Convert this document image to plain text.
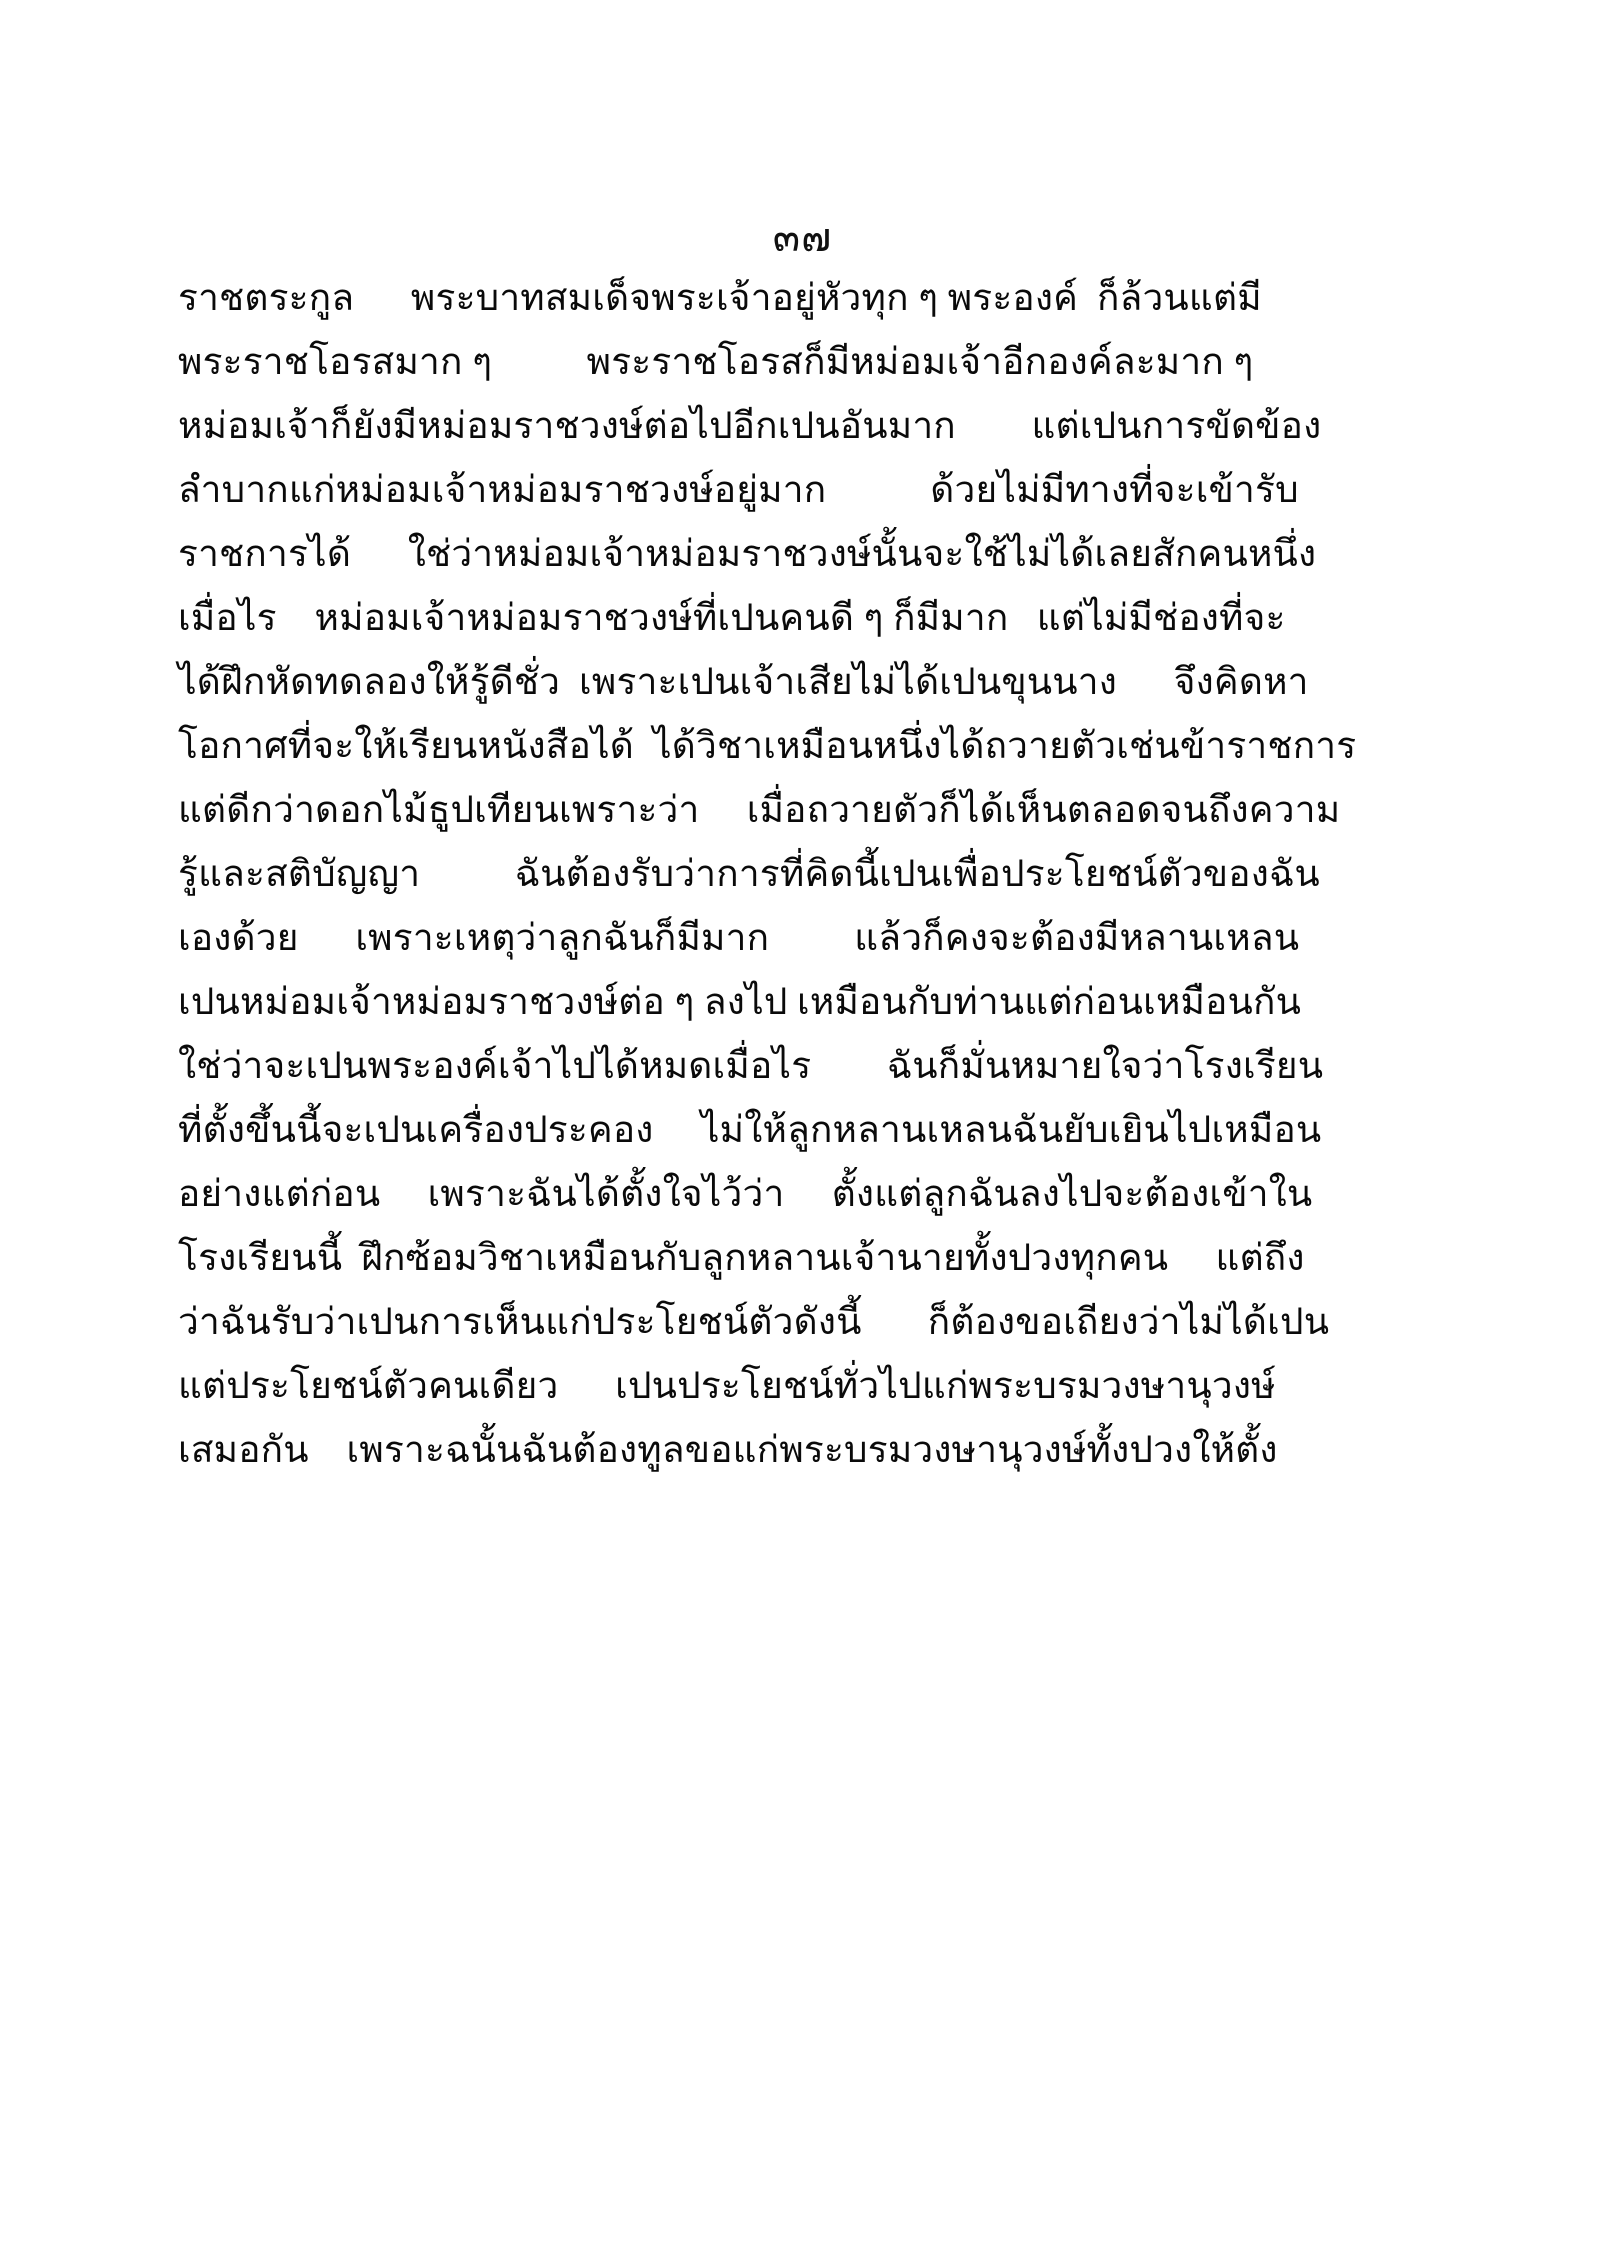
๓๗
ราชตระกูล      พระบาทสมเด็จพระเจ้าอยู่หัวทุก ๆ พระองค์  ก็ล้วนแต่มี
พระราชโอรสมาก ๆ          พระราชโอรสก็มีหม่อมเจ้าอีกองค์ละมาก ๆ
หม่อมเจ้าก็ยังมีหม่อมราชวงษ์ต่อไปอีกเปนอันมาก        แต่เปนการขัดข้อง
ลำบากแก่หม่อมเจ้าหม่อมราชวงษ์อยู่มาก           ด้วยไม่มีทางที่จะเข้ารับ
ราชการได้      ใช่ว่าหม่อมเจ้าหม่อมราชวงษ์นั้นจะใช้ไม่ได้เลยสักคนหนึ่ง
เมื่อไร    หม่อมเจ้าหม่อมราชวงษ์ที่เปนคนดี ๆ ก็มีมาก   แต่ไม่มีช่องที่จะ
ได้ฝึกหัดทดลองให้รู้ดีชั่ว  เพราะเปนเจ้าเสียไม่ได้เปนขุนนาง      จึงคิดหา
โอกาศที่จะให้เรียนหนังสือได้  ได้วิชาเหมือนหนึ่งได้ถวายตัวเช่นข้าราชการ
แต่ดีกว่าดอกไม้ธูปเทียนเพราะว่า     เมื่อถวายตัวก็ได้เห็นตลอดจนถึงความ
รู้และสติบัญญา          ฉันต้องรับว่าการที่คิดนี้เปนเพื่อประโยชน์ตัวของฉัน
เองด้วย      เพราะเหตุว่าลูกฉันก็มีมาก         แล้วก็คงจะต้องมีหลานเหลน
เปนหม่อมเจ้าหม่อมราชวงษ์ต่อ ๆ ลงไป เหมือนกับท่านแต่ก่อนเหมือนกัน
ใช่ว่าจะเปนพระองค์เจ้าไปได้หมดเมื่อไร        ฉันก็มั่นหมายใจว่าโรงเรียน
ที่ตั้งขึ้นนี้จะเปนเครื่องประคอง     ไม่ให้ลูกหลานเหลนฉันยับเยินไปเหมือน
อย่างแต่ก่อน     เพราะฉันได้ตั้งใจไว้ว่า     ตั้งแต่ลูกฉันลงไปจะต้องเข้าใน
โรงเรียนนี้  ฝึกซ้อมวิชาเหมือนกับลูกหลานเจ้านายทั้งปวงทุกคน     แต่ถึง
ว่าฉันรับว่าเปนการเห็นแก่ประโยชน์ตัวดังนี้       ก็ต้องขอเถียงว่าไม่ได้เปน
แต่ประโยชน์ตัวคนเดียว      เปนประโยชน์ทั่วไปแก่พระบรมวงษานุวงษ์
เสมอกัน    เพราะฉนั้นฉันต้องทูลขอแก่พระบรมวงษานุวงษ์ทั้งปวงให้ตั้ง
